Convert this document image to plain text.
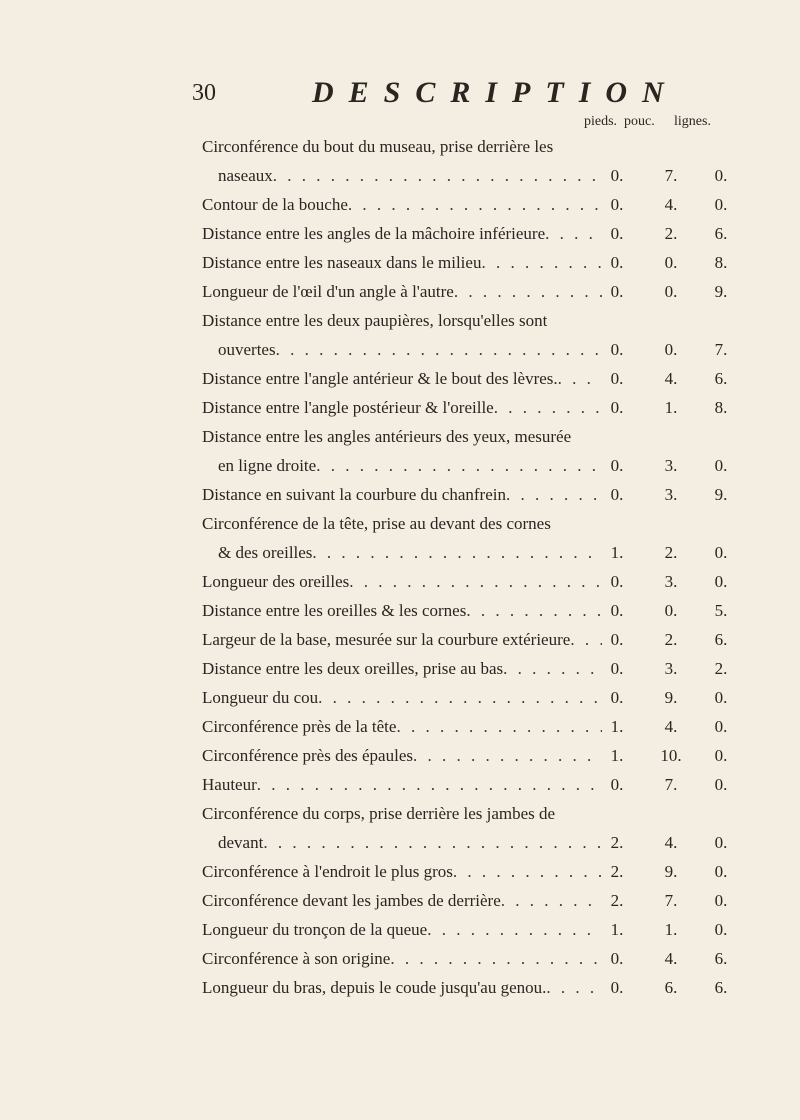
30	DESCRIPTION
pieds. pouc.	lignes.
Circonférence du bout du museau, prise derrière les
naseaux . . .	0.	7.	0.
Contour de la bouche . . .	0.	4.	0.
Distance entre les angles de la mâchoire inférieure . . .	0.	2.	6.
Distance entre les naseaux dans le milieu . . .	0.	0.	8.
Longueur de l'œil d'un angle à l'autre . . .	0.	0.	9.
Distance entre les deux paupières, lorsqu'elles sont
ouvertes . . .	0.	0.	7.
Distance entre l'angle antérieur & le bout des lèvres. . . .	0.	4.	6.
Distance entre l'angle postérieur & l'oreille . . .	0.	1.	8.
Distance entre les angles antérieurs des yeux, mesurée
en ligne droite . . .	0.	3.	0.
Distance en suivant la courbure du chanfrein . . .	0.	3.	9.
Circonférence de la tête, prise au devant des cornes
& des oreilles . . .	1.	2.	0.
Longueur des oreilles . . .	0.	3.	0.
Distance entre les oreilles & les cornes . . .	0.	0.	5.
Largeur de la base, mesurée sur la courbure extérieure . . .	0.	2.	6.
Distance entre les deux oreilles, prise au bas . . .	0.	3.	2.
Longueur du cou . . .	0.	9.	0.
Circonférence près de la tête . . .	1.	4.	0.
Circonférence près des épaules . . .	1.	10.	0.
Hauteur . . .	0.	7.	0.
Circonférence du corps, prise derrière les jambes de
devant . . .	2.	4.	0.
Circonférence à l'endroit le plus gros . . .	2.	9.	0.
Circonférence devant les jambes de derrière . . .	2.	7.	0.
Longueur du tronçon de la queue . . .	1.	1.	0.
Circonférence à son origine . . .	0.	4.	6.
Longueur du bras, depuis le coude jusqu'au genou. . . .	0.	6.	6.
